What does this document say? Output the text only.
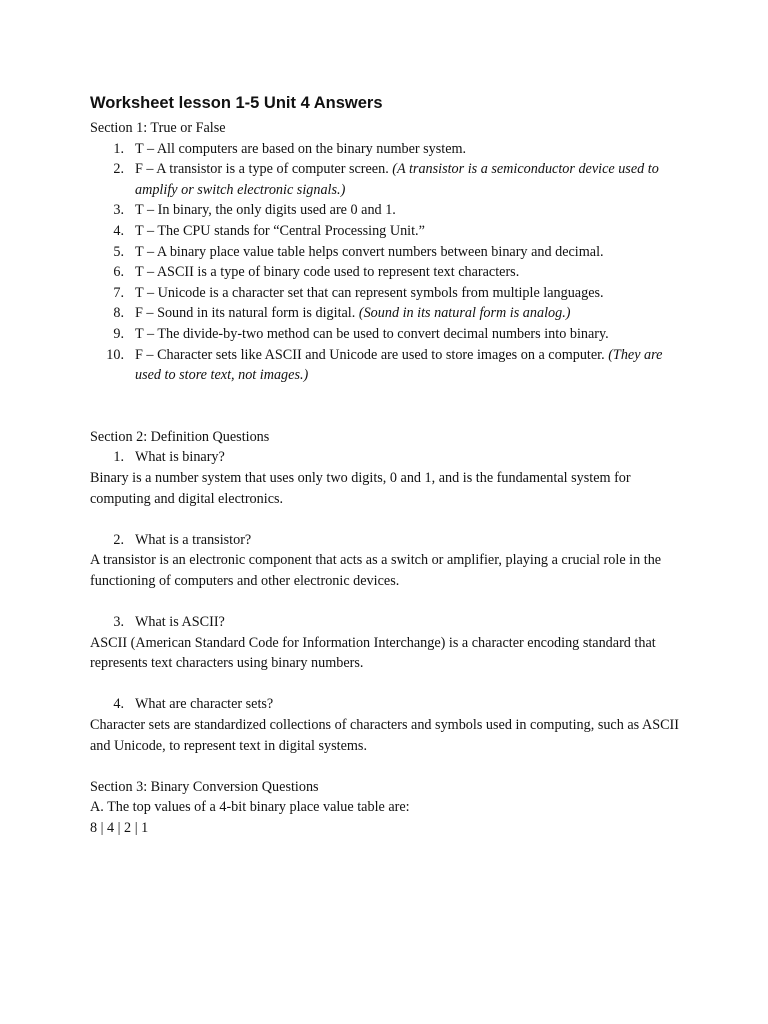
Worksheet lesson 1-5 Unit 4 Answers
Section 1: True or False
1. T – All computers are based on the binary number system.
2. F – A transistor is a type of computer screen. (A transistor is a semiconductor device used to amplify or switch electronic signals.)
3. T – In binary, the only digits used are 0 and 1.
4. T – The CPU stands for “Central Processing Unit.”
5. T – A binary place value table helps convert numbers between binary and decimal.
6. T – ASCII is a type of binary code used to represent text characters.
7. T – Unicode is a character set that can represent symbols from multiple languages.
8. F – Sound in its natural form is digital. (Sound in its natural form is analog.)
9. T – The divide-by-two method can be used to convert decimal numbers into binary.
10. F – Character sets like ASCII and Unicode are used to store images on a computer. (They are used to store text, not images.)
Section 2: Definition Questions
1. What is binary?
Binary is a number system that uses only two digits, 0 and 1, and is the fundamental system for computing and digital electronics.
2. What is a transistor?
A transistor is an electronic component that acts as a switch or amplifier, playing a crucial role in the functioning of computers and other electronic devices.
3. What is ASCII?
ASCII (American Standard Code for Information Interchange) is a character encoding standard that represents text characters using binary numbers.
4. What are character sets?
Character sets are standardized collections of characters and symbols used in computing, such as ASCII and Unicode, to represent text in digital systems.
Section 3: Binary Conversion Questions
A. The top values of a 4-bit binary place value table are:
8 | 4 | 2 | 1
